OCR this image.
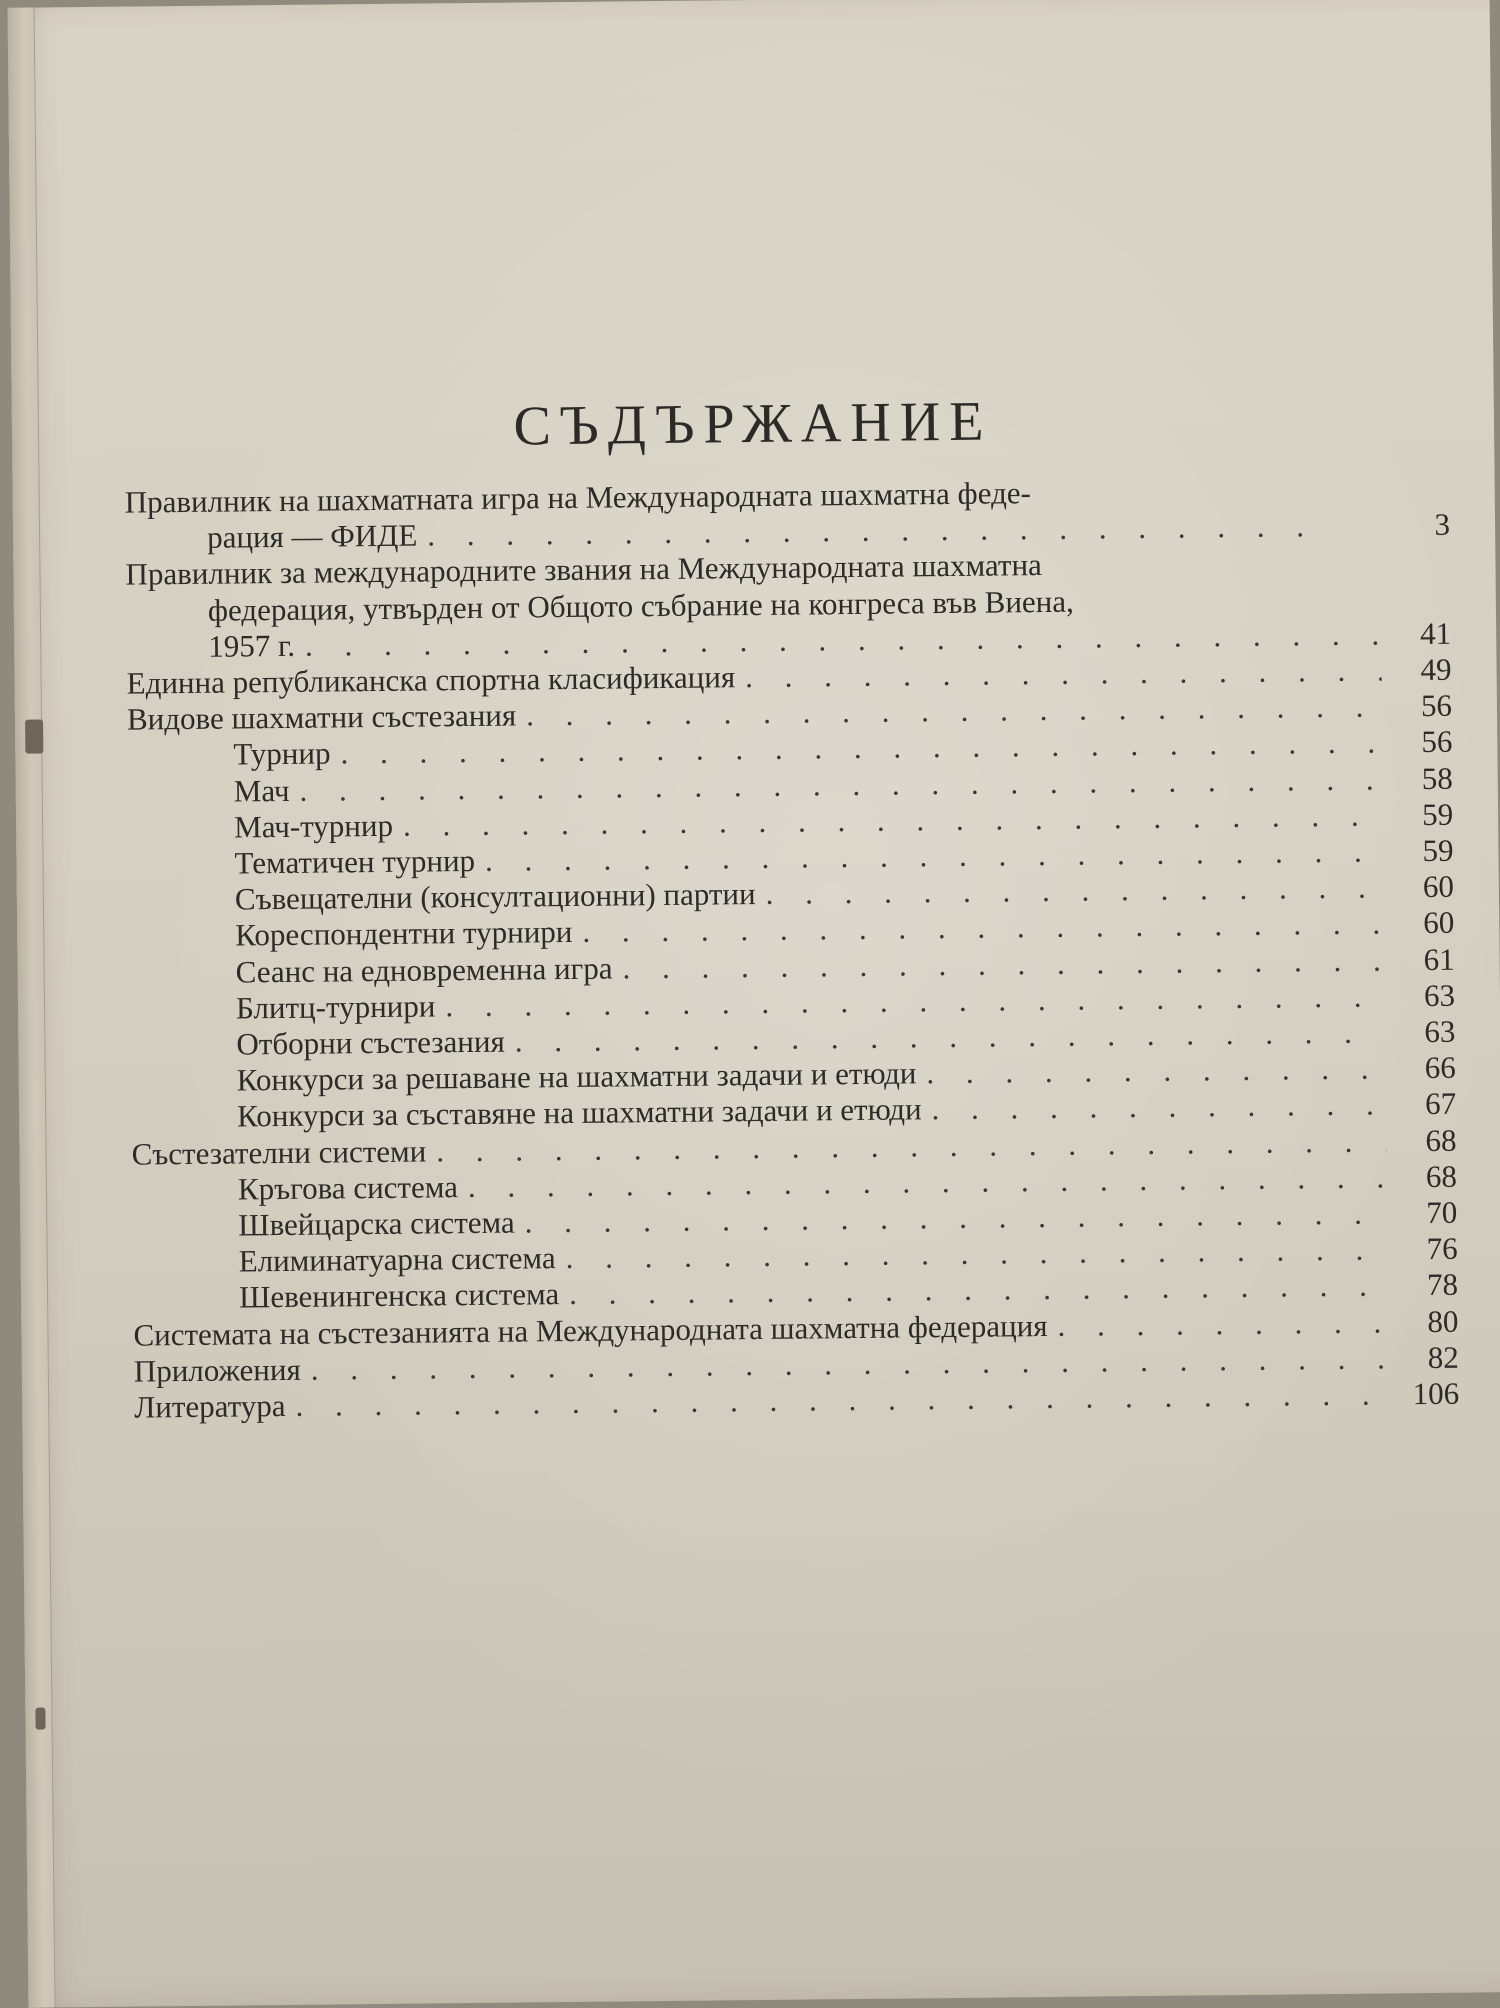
СЪДЪРЖАНИЕ
Правилник на шахматната игра на Международната шахматна феде-
рация — ФИДЕ . . .	3
Правилник за международните звания на Международната шахматна
федерация, утвърден от Общото събрание на конгреса във Виена,
1957 г. . . .	41
Единна републиканска спортна класификация . . .	49
Видове шахматни състезания . . .	56
Турнир . . .	56
Мач . . .	58
Мач-турнир . . .	59
Тематичен турнир . . .	59
Съвещателни (консултационни) партии . . .	60
Кореспондентни турнири . . .	60
Сеанс на едновременна игра . . .	61
Блитц-турнири . . .	63
Отборни състезания . . .	63
Конкурси за решаване на шахматни задачи и етюди . . .	66
Конкурси за съставяне на шахматни задачи и етюди . . .	67
Състезателни системи . . .	68
Кръгова система . . .	68
Швейцарска система . . .	70
Елиминатуарна система . . .	76
Шевенингенска система . . .	78
Системата на състезанията на Международната шахматна федерация . . .	80
Приложения . . .	82
Литература . . .	106
